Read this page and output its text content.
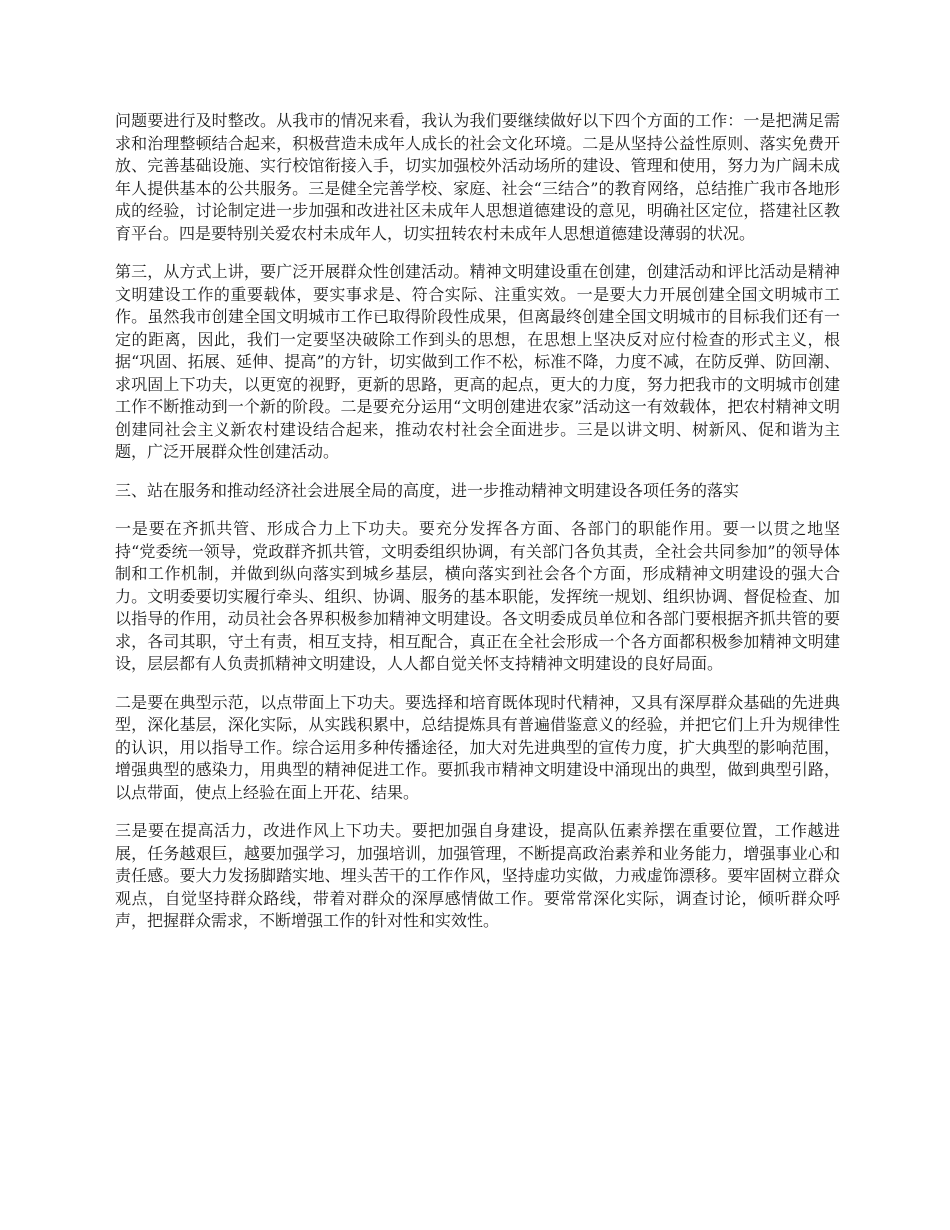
问题要进行及时整改。从我市的情况来看，我认为我们要继续做好以下四个方面的工作：一是把满足需求和治理整顿结合起来，积极营造未成年人成长的社会文化环境。二是从坚持公益性原则、落实免费开放、完善基础设施、实行校馆衔接入手，切实加强校外活动场所的建设、管理和使用，努力为广阔未成年人提供基本的公共服务。三是健全完善学校、家庭、社会“三结合”的教育网络，总结推广我市各地形成的经验，讨论制定进一步加强和改进社区未成年人思想道德建设的意见，明确社区定位，搭建社区教育平台。四是要特别关爱农村未成年人，切实扭转农村未成年人思想道德建设薄弱的状况。

第三，从方式上讲，要广泛开展群众性创建活动。精神文明建设重在创建，创建活动和评比活动是精神文明建设工作的重要载体，要实事求是、符合实际、注重实效。一是要大力开展创建全国文明城市工作。虽然我市创建全国文明城市工作已取得阶段性成果，但离最终创建全国文明城市的目标我们还有一定的距离，因此，我们一定要坚决破除工作到头的思想，在思想上坚决反对应付检查的形式主义，根据“巩固、拓展、延伸、提高”的方针，切实做到工作不松，标准不降，力度不减，在防反弹、防回潮、求巩固上下功夫，以更宽的视野，更新的思路，更高的起点，更大的力度，努力把我市的文明城市创建工作不断推动到一个新的阶段。二是要充分运用“文明创建进农家”活动这一有效载体，把农村精神文明创建同社会主义新农村建设结合起来，推动农村社会全面进步。三是以讲文明、树新风、促和谐为主题，广泛开展群众性创建活动。

三、站在服务和推动经济社会进展全局的高度，进一步推动精神文明建设各项任务的落实

一是要在齐抓共管、形成合力上下功夫。要充分发挥各方面、各部门的职能作用。要一以贯之地坚持“党委统一领导，党政群齐抓共管，文明委组织协调，有关部门各负其责，全社会共同参加”的领导体制和工作机制，并做到纵向落实到城乡基层，横向落实到社会各个方面，形成精神文明建设的强大合力。文明委要切实履行牵头、组织、协调、服务的基本职能，发挥统一规划、组织协调、督促检查、加以指导的作用，动员社会各界积极参加精神文明建设。各文明委成员单位和各部门要根据齐抓共管的要求，各司其职，守土有责，相互支持，相互配合，真正在全社会形成一个各方面都积极参加精神文明建设，层层都有人负责抓精神文明建设，人人都自觉关怀支持精神文明建设的良好局面。

二是要在典型示范，以点带面上下功夫。要选择和培育既体现时代精神，又具有深厚群众基础的先进典型，深化基层，深化实际，从实践积累中，总结提炼具有普遍借鉴意义的经验，并把它们上升为规律性的认识，用以指导工作。综合运用多种传播途径，加大对先进典型的宣传力度，扩大典型的影响范围，增强典型的感染力，用典型的精神促进工作。要抓我市精神文明建设中涌现出的典型，做到典型引路，以点带面，使点上经验在面上开花、结果。

三是要在提高活力，改进作风上下功夫。要把加强自身建设，提高队伍素养摆在重要位置，工作越进展，任务越艰巨，越要加强学习，加强培训，加强管理，不断提高政治素养和业务能力，增强事业心和责任感。要大力发扬脚踏实地、埋头苦干的工作作风，坚持虚功实做，力戒虚饰漂移。要牢固树立群众观点，自觉坚持群众路线，带着对群众的深厚感情做工作。要常常深化实际，调查讨论，倾听群众呼声，把握群众需求，不断增强工作的针对性和实效性。
